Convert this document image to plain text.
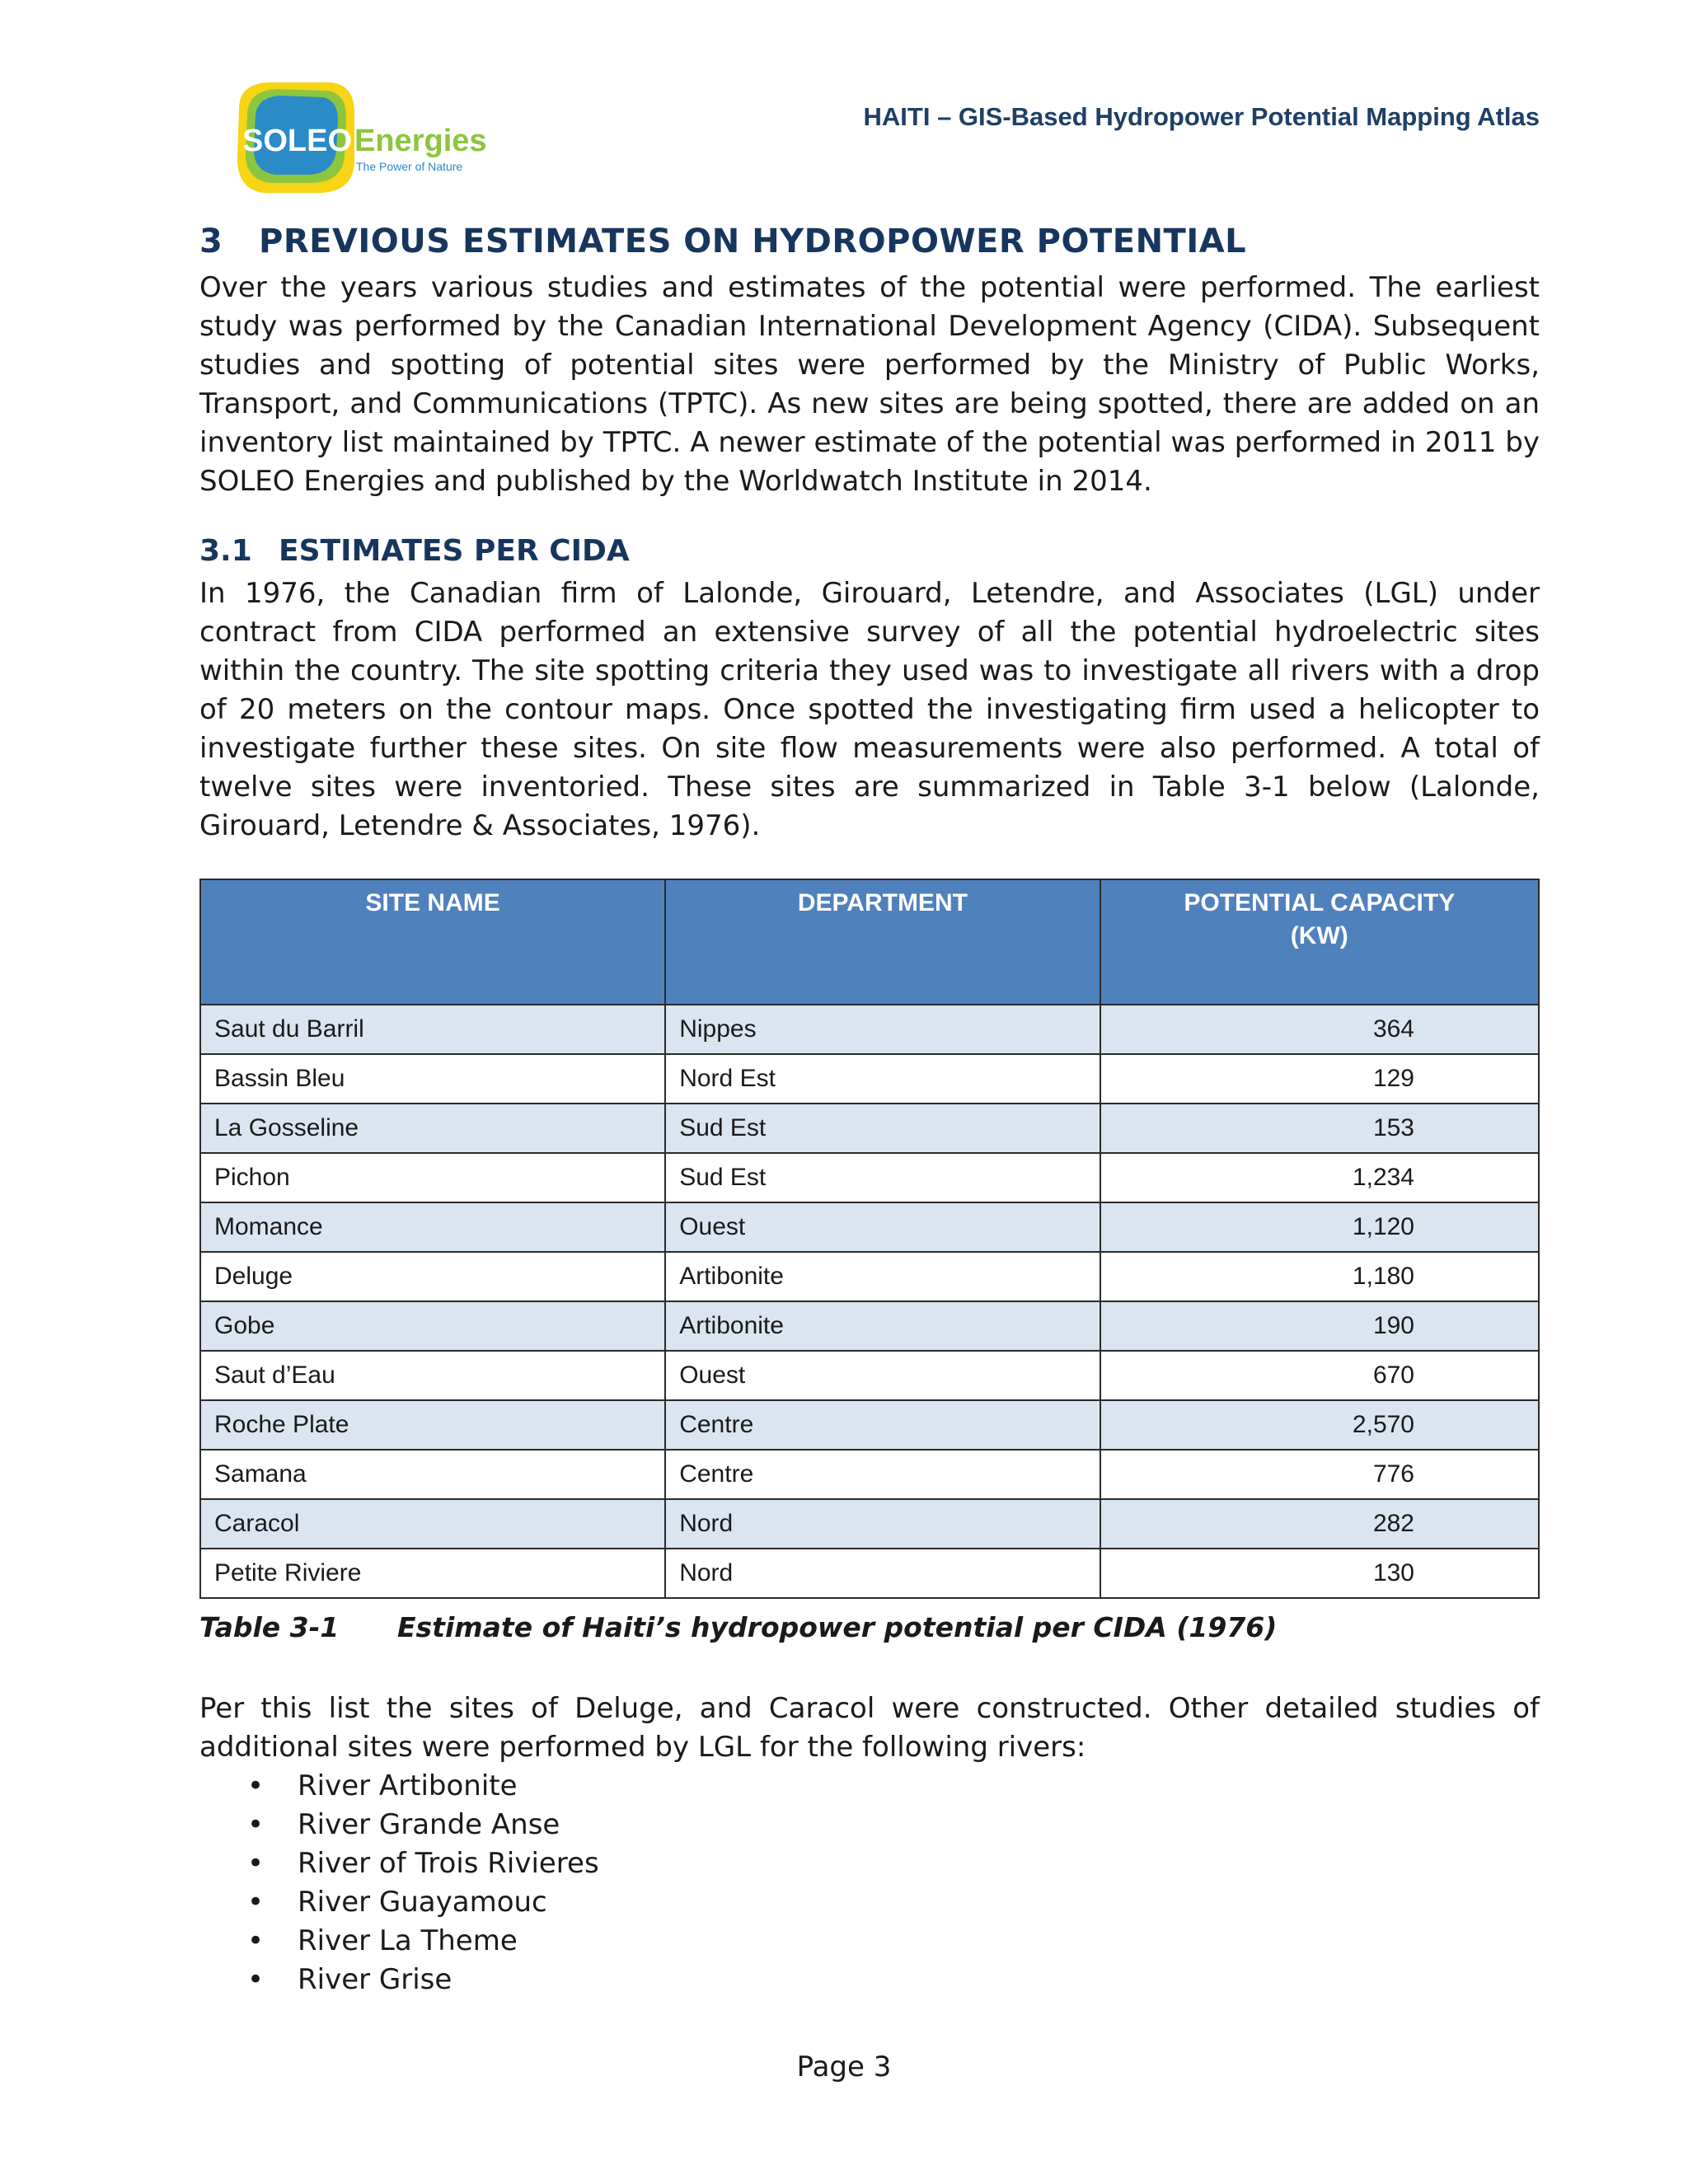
SOLEO Energies
The Power of Nature
HAITI – GIS-Based Hydropower Potential Mapping Atlas
3 PREVIOUS ESTIMATES ON HYDROPOWER POTENTIAL
Over the years various studies and estimates of the potential were performed. The earliest study was performed by the Canadian International Development Agency (CIDA). Subsequent studies and spotting of potential sites were performed by the Ministry of Public Works, Transport, and Communications (TPTC). As new sites are being spotted, there are added on an inventory list maintained by TPTC. A newer estimate of the potential was performed in 2011 by SOLEO Energies and published by the Worldwatch Institute in 2014.
3.1 ESTIMATES PER CIDA
In 1976, the Canadian firm of Lalonde, Girouard, Letendre, and Associates (LGL) under contract from CIDA performed an extensive survey of all the potential hydroelectric sites within the country. The site spotting criteria they used was to investigate all rivers with a drop of 20 meters on the contour maps. Once spotted the investigating firm used a helicopter to investigate further these sites. On site flow measurements were also performed. A total of twelve sites were inventoried. These sites are summarized in Table 3-1 below (Lalonde, Girouard, Letendre & Associates, 1976).
SITE NAME	DEPARTMENT	POTENTIAL CAPACITY
(KW)
Saut du Barril	Nippes	364
Bassin Bleu	Nord Est	129
La Gosseline	Sud Est	153
Pichon	Sud Est	1,234
Momance	Ouest	1,120
Deluge	Artibonite	1,180
Gobe	Artibonite	190
Saut d’Eau	Ouest	670
Roche Plate	Centre	2,570
Samana	Centre	776
Caracol	Nord	282
Petite Riviere	Nord	130
Table 3-1 Estimate of Haiti’s hydropower potential per CIDA (1976)
Per this list the sites of Deluge, and Caracol were constructed. Other detailed studies of additional sites were performed by LGL for the following rivers:
• River Artibonite
• River Grande Anse
• River of Trois Rivieres
• River Guayamouc
• River La Theme
• River Grise
Page 3
